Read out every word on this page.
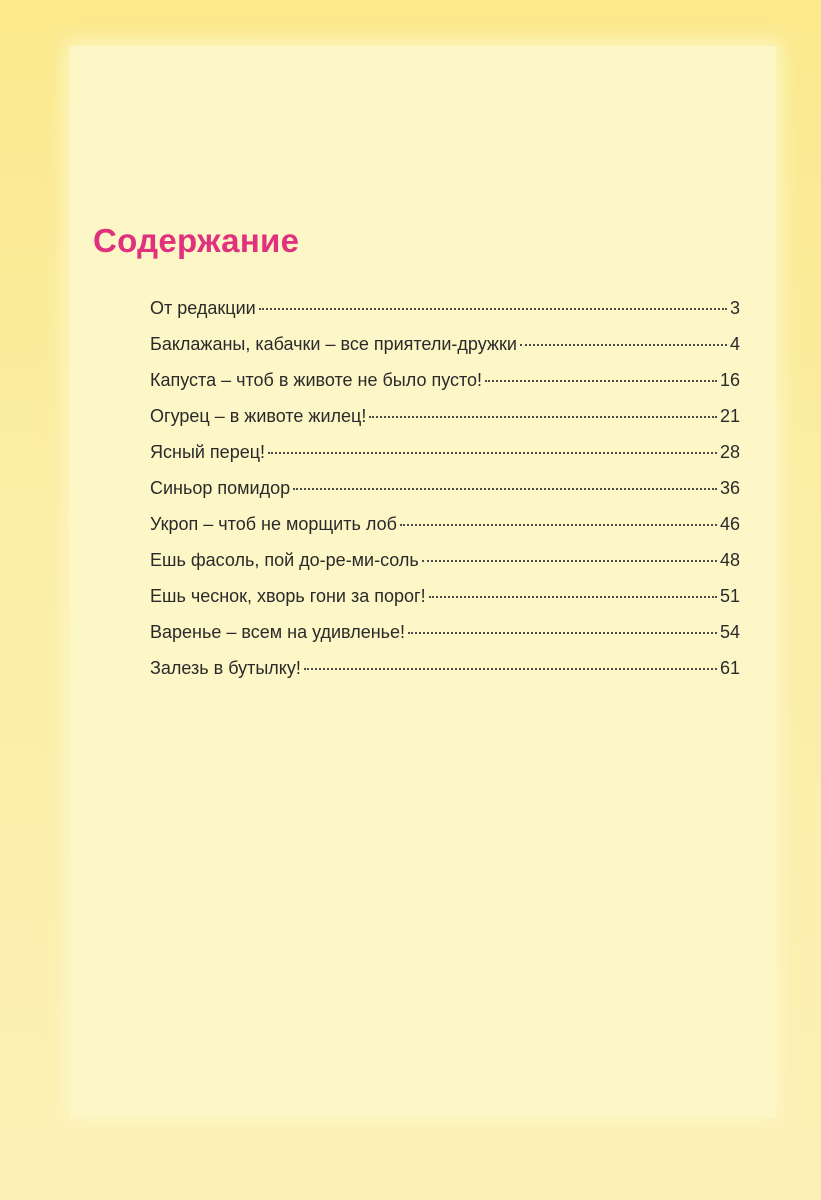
Содержание
От редакции	3
Баклажаны, кабачки – все приятели-дружки	4
Капуста – чтоб в животе не было пусто!	16
Огурец – в животе жилец!	21
Ясный перец!	28
Синьор помидор	36
Укроп – чтоб не морщить лоб	46
Ешь фасоль, пой до-ре-ми-соль	48
Ешь чеснок, хворь гони за порог!	51
Варенье – всем на удивленье!	54
Залезь в бутылку!	61
